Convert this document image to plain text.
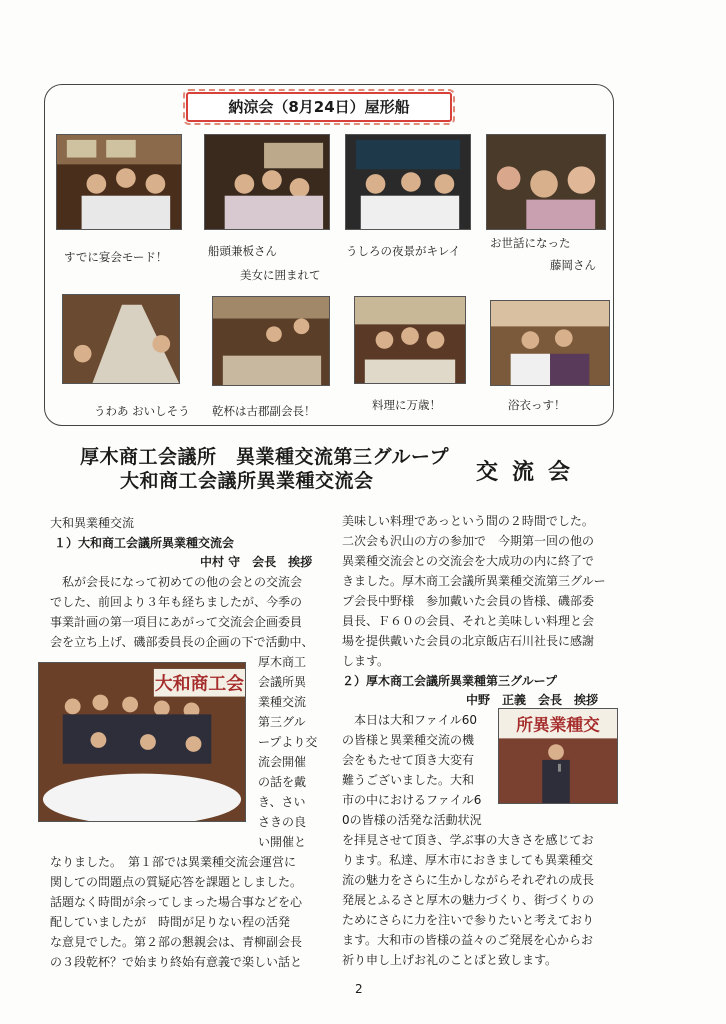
納涼会（8月24日）屋形船
すでに宴会モード！	船頭兼板さん
美女に囲まれて
うしろの夜景がキレイ
お世話になった
藤岡さん
うわあ おいしそう 乾杯は古郡副会長！	料理に万歳！	浴衣っす！
厚木商工会議所　異業種交流第三グループ
大和商工会議所異業種交流会	交流会
大和異業種交流
１）大和商工会議所異業種交流会
中村 守　会長　挨拶
　私が会長になって初めての他の会との交流会
でした、前回より３年も経ちましたが、今季の
事業計画の第一項目にあがって交流会企画委員
会を立ち上げ、磯部委員長の企画の下で活動中、
大和商工会
厚木商工
会議所異
業種交流
第三グル
ープより交
流会開催
の話を戴
き、さい
さきの良
い開催と
なりました。　第１部では異業種交流会運営に
関しての問題点の質疑応答を課題としました。
話題なく時間が余ってしまった場合事などを心
配していましたが　時間が足りない程の活発
な意見でした。第２部の懇親会は、青柳副会長
の３段乾杯？で始まり終始有意義で楽しい話と
美味しい料理であっという間の２時間でした。
二次会も沢山の方の参加で　今期第一回の他の
異業種交流会との交流会を大成功の内に終了で
きました。厚木商工会議所異業種交流第三グルー
プ会長中野様　参加戴いた会員の皆様、磯部委
員長、Ｆ６０の会員、それと美味しい料理と会
場を提供戴いた会員の北京飯店石川社長に感謝
します。
２）厚木商工会議所異業種第三グループ
中野　正義　会長　挨拶
　本日は大和ファイル60
の皆様と異業種交流の機
会をもたせて頂き大変有
難うございました。大和
市の中におけるファイル6
0の皆様の活発な活動状況
所異業種交
を拝見させて頂き、学ぶ事の大きさを感じてお
ります。私達、厚木市におきましても異業種交
流の魅力をさらに生かしながらそれぞれの成長
発展とふるさと厚木の魅力づくり、街づくりの
ためにさらに力を注いで参りたいと考えており
ます。大和市の皆様の益々のご発展を心からお
祈り申し上げお礼のことばと致します。
2
